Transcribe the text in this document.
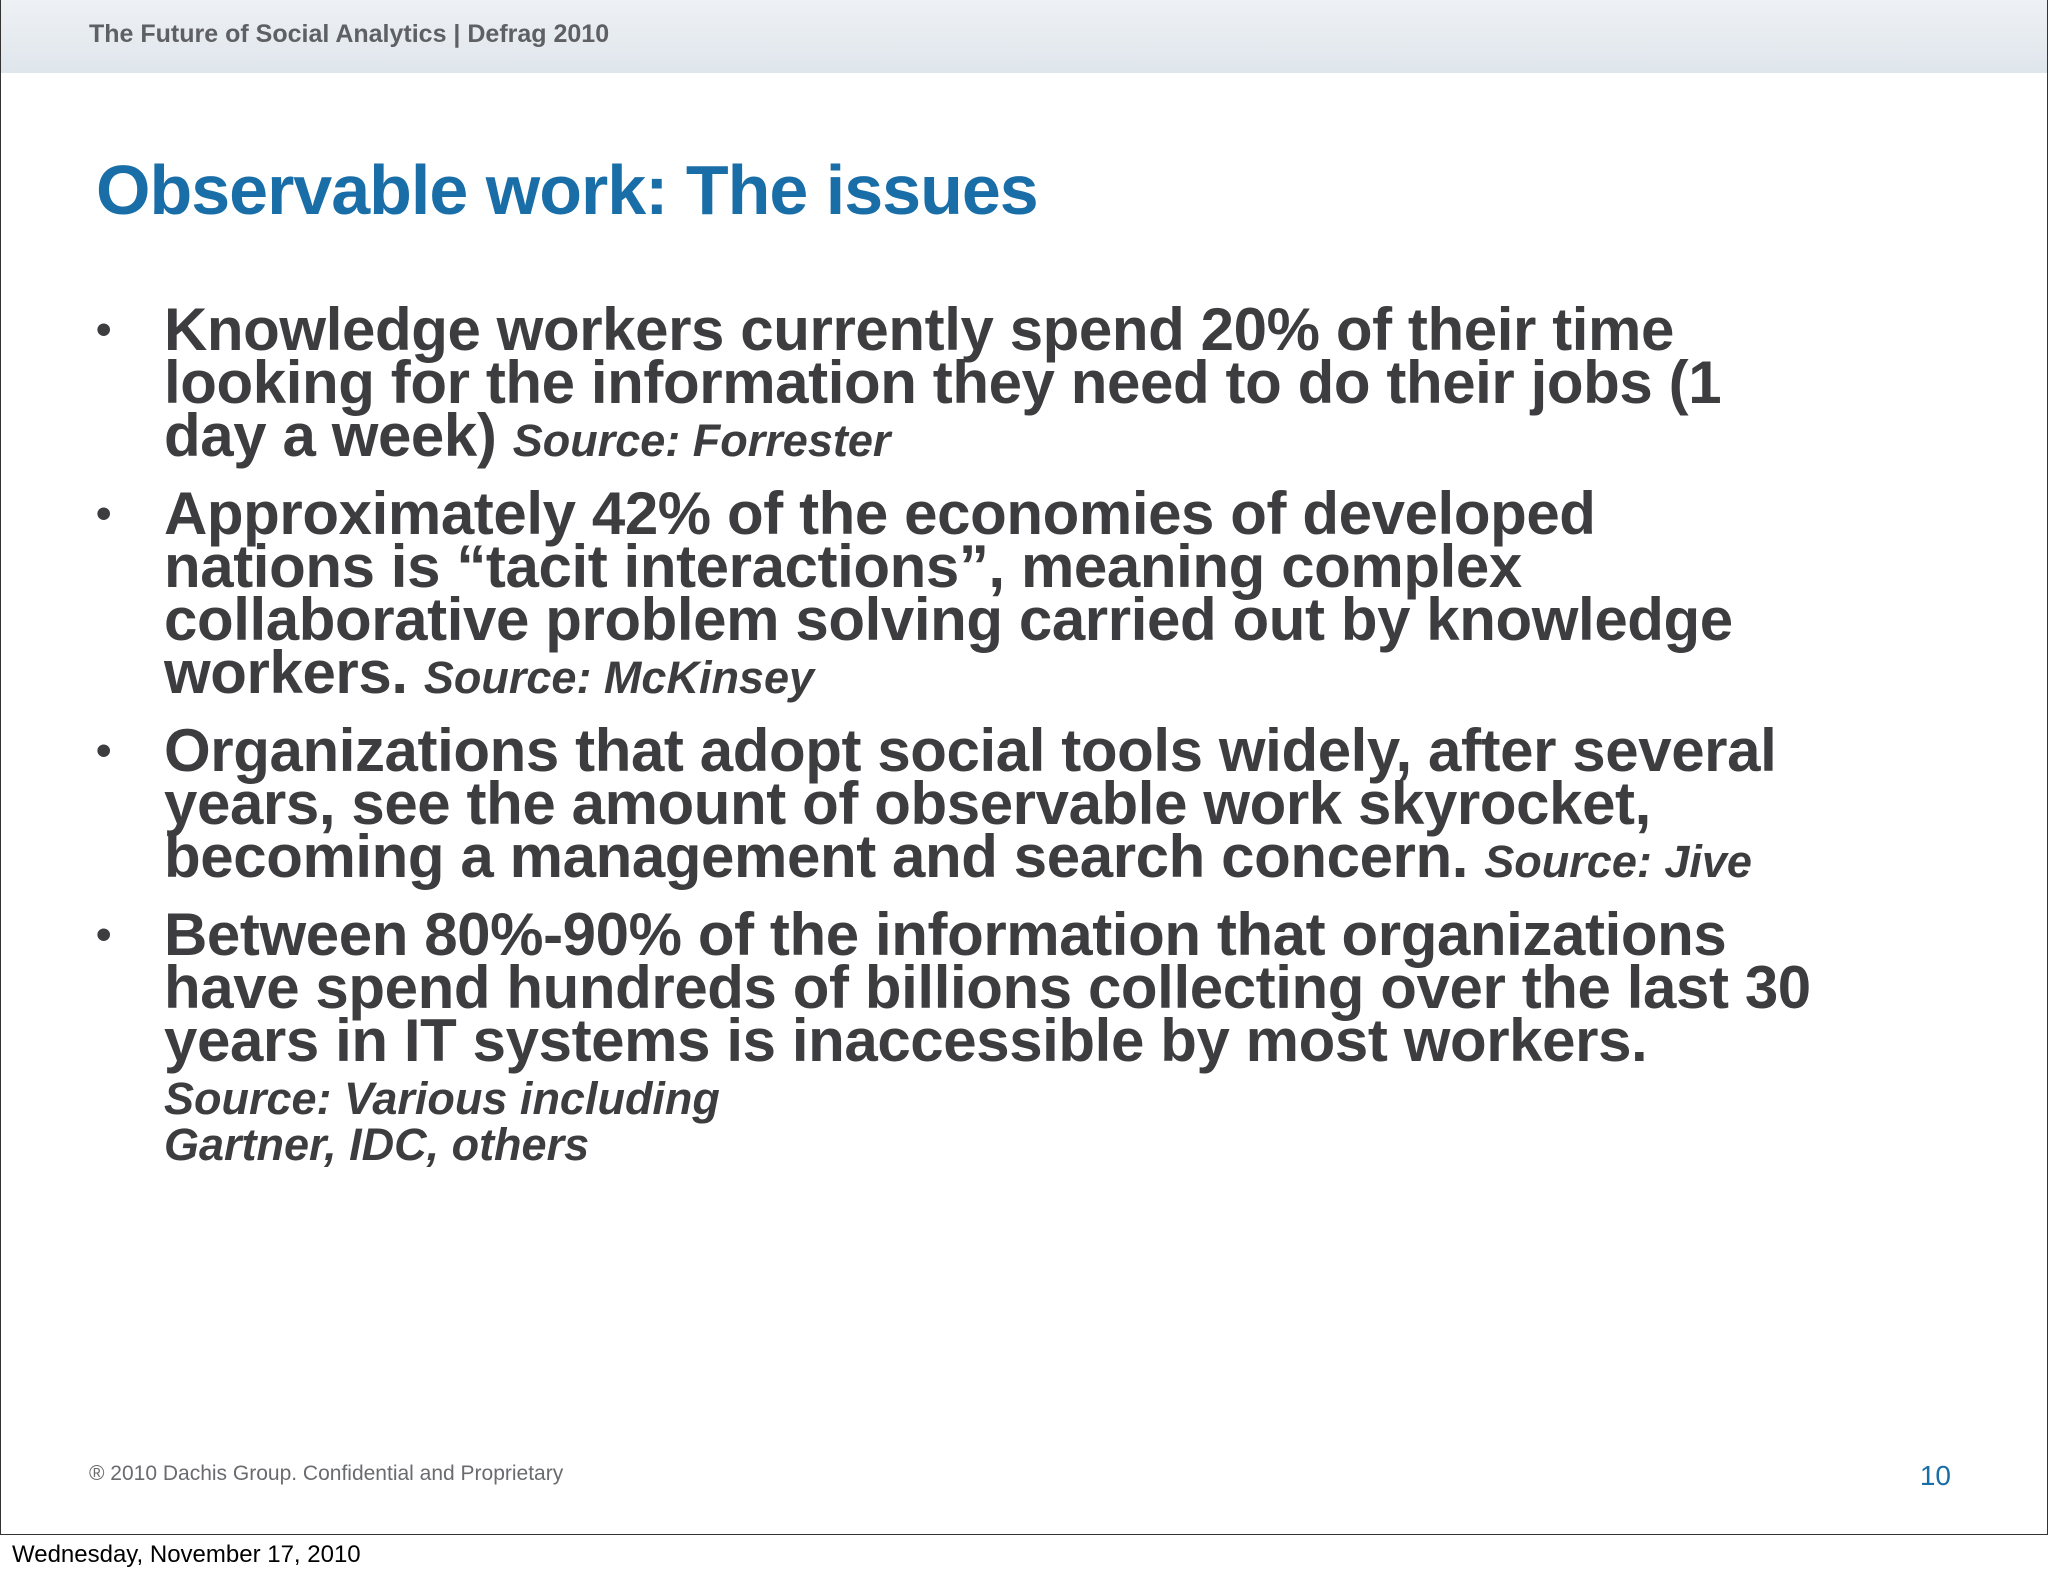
The Future of Social Analytics | Defrag 2010
Observable work: The issues
• Knowledge workers currently spend 20% of their time looking for the information they need to do their jobs (1 day a week) Source: Forrester
• Approximately 42% of the economies of developed nations is “tacit interactions”, meaning complex collaborative problem solving carried out by knowledge workers. Source: McKinsey
• Organizations that adopt social tools widely, after several years, see the amount of observable work skyrocket, becoming a management and search concern. Source: Jive
• Between 80%-90% of the information that organizations have spend hundreds of billions collecting over the last 30 years in IT systems is inaccessible by most workers. Source: Various including
Gartner, IDC, others
® 2010 Dachis Group. Confidential and Proprietary	10
Wednesday, November 17, 2010
